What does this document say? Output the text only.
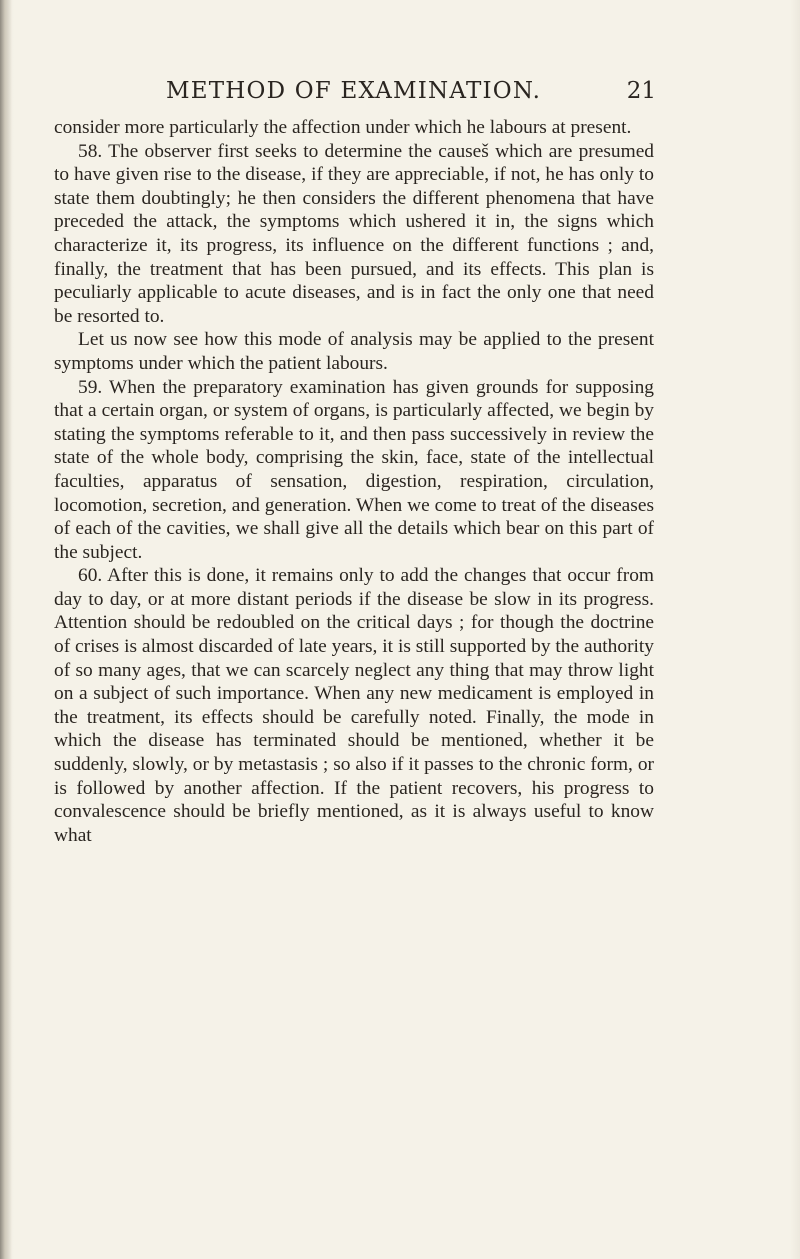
METHOD OF EXAMINATION.	21

consider more particularly the affection under which he labours at present.

58. The observer first seeks to determine the causeš which are presumed to have given rise to the disease, if they are appreciable, if not, he has only to state them doubtingly; he then considers the different phenomena that have preceded the attack, the symptoms which ushered it in, the signs which characterize it, its progress, its influence on the different functions ; and, finally, the treatment that has been pursued, and its effects. This plan is peculiarly applicable to acute diseases, and is in fact the only one that need be resorted to.

Let us now see how this mode of analysis may be applied to the present symptoms under which the patient labours.

59. When the preparatory examination has given grounds for supposing that a certain organ, or system of organs, is particularly affected, we begin by stating the symptoms referable to it, and then pass successively in review the state of the whole body, comprising the skin, face, state of the intellectual faculties, apparatus of sensation, digestion, respiration, circulation, locomotion, secretion, and generation. When we come to treat of the diseases of each of the cavities, we shall give all the details which bear on this part of the subject.

60. After this is done, it remains only to add the changes that occur from day to day, or at more distant periods if the disease be slow in its progress. Attention should be redoubled on the critical days ; for though the doctrine of crises is almost discarded of late years, it is still supported by the authority of so many ages, that we can scarcely neglect any thing that may throw light on a subject of such importance. When any new medicament is employed in the treatment, its effects should be carefully noted. Finally, the mode in which the disease has terminated should be mentioned, whether it be suddenly, slowly, or by metastasis ; so also if it passes to the chronic form, or is followed by another affection. If the patient recovers, his progress to convalescence should be briefly mentioned, as it is always useful to know what
